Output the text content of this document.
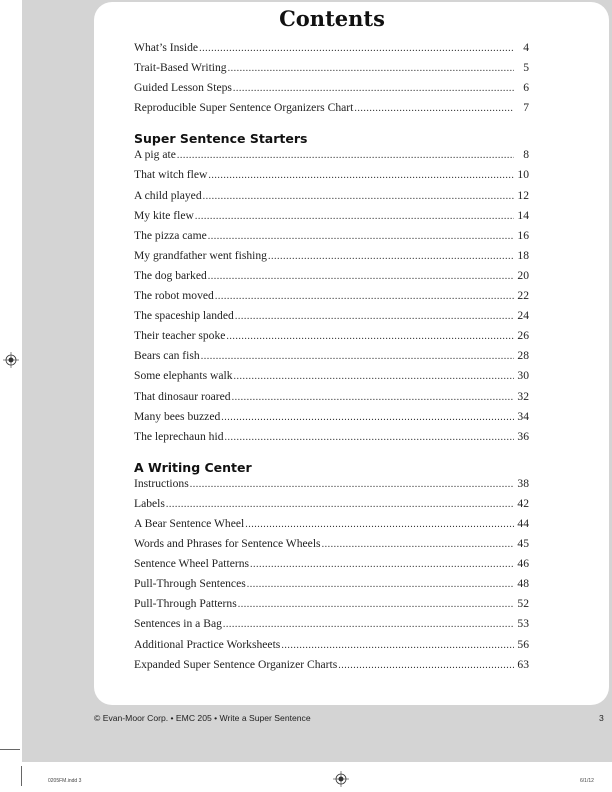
Contents
What’s Inside .....	4
Trait-Based Writing .....	5
Guided Lesson Steps .....	6
Reproducible Super Sentence Organizers Chart .....	7
Super Sentence Starters
A pig ate .....	8
That witch flew .....	10
A child played .....	12
My kite flew .....	14
The pizza came .....	16
My grandfather went fishing .....	18
The dog barked .....	20
The robot moved .....	22
The spaceship landed .....	24
Their teacher spoke .....	26
Bears can fish .....	28
Some elephants walk .....	30
That dinosaur roared .....	32
Many bees buzzed .....	34
The leprechaun hid .....	36
A Writing Center
Instructions .....	38
Labels .....	42
A Bear Sentence Wheel .....	44
Words and Phrases for Sentence Wheels .....	45
Sentence Wheel Patterns .....	46
Pull-Through Sentences .....	48
Pull-Through Patterns .....	52
Sentences in a Bag .....	53
Additional Practice Worksheets .....	56
Expanded Super Sentence Organizer Charts .....	63
© Evan-Moor Corp. • EMC 205 • Write a Super Sentence	3
0205FM.indd 3	6/1/12
